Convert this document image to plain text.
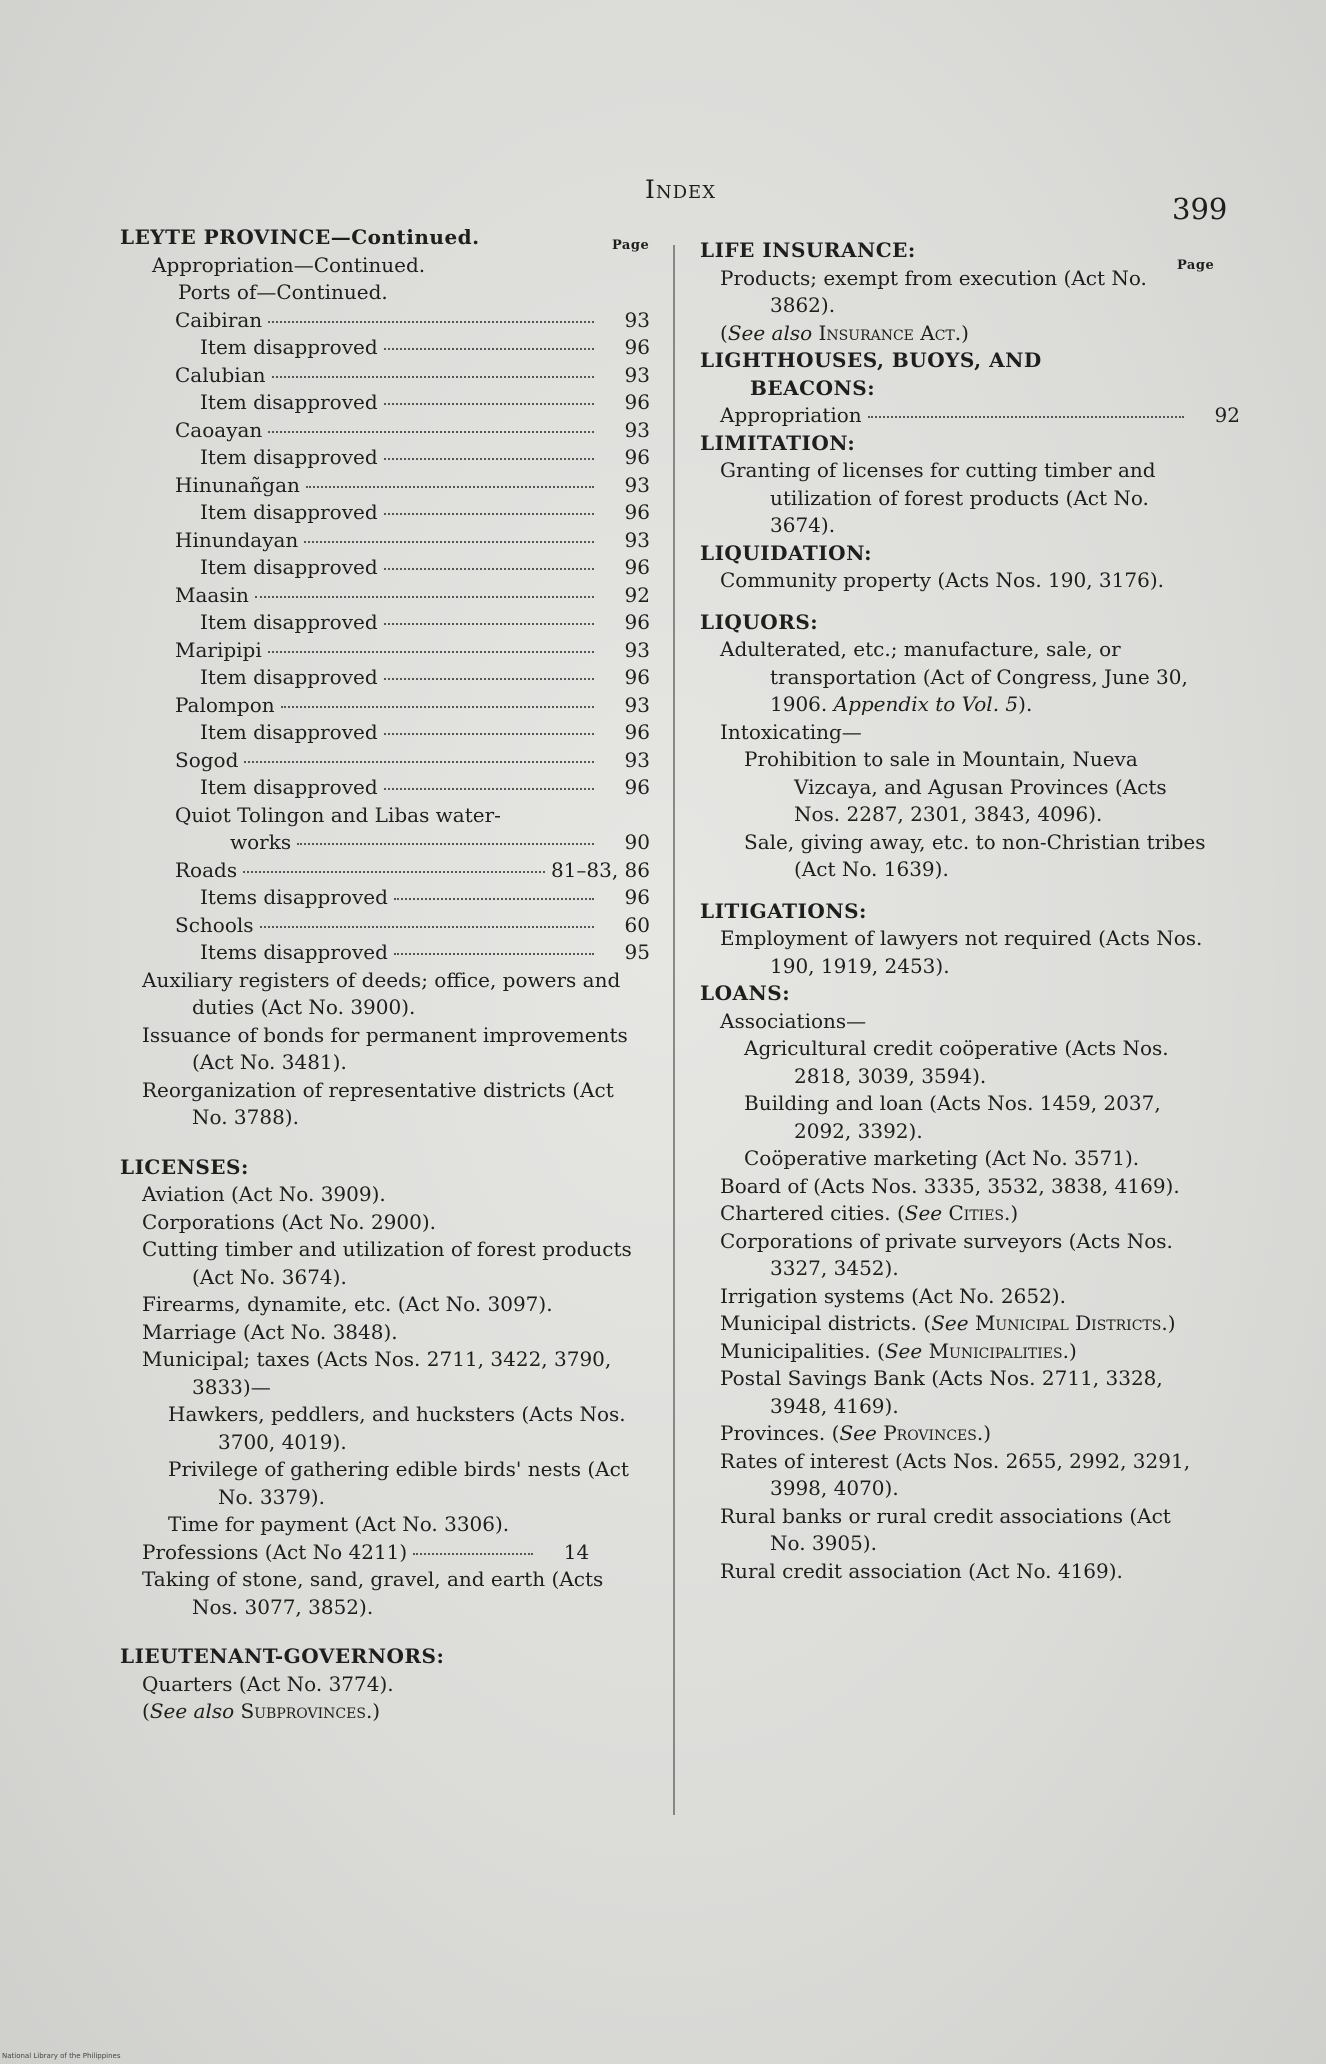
Index
399
Page
Page
LEYTE PROVINCE—Continued.
Appropriation—Continued.
Ports of—Continued.
Caibiran	93
Item disapproved	96
Calubian	93
Item disapproved	96
Caoayan	93
Item disapproved	96
Hinunañgan	93
Item disapproved	96
Hinundayan	93
Item disapproved	96
Maasin	92
Item disapproved	96
Maripipi	93
Item disapproved	96
Palompon	93
Item disapproved	96
Sogod	93
Item disapproved	96
Quiot Tolingon and Libas water-
works	90
Roads	81–83, 86
Items disapproved	96
Schools	60
Items disapproved	95
Auxiliary registers of deeds; office, powers and duties (Act No. 3900).
Issuance of bonds for permanent improvements (Act No. 3481).
Reorganization of representative districts (Act No. 3788).
LICENSES:
Aviation (Act No. 3909).
Corporations (Act No. 2900).
Cutting timber and utilization of forest products (Act No. 3674).
Firearms, dynamite, etc. (Act No. 3097).
Marriage (Act No. 3848).
Municipal; taxes (Acts Nos. 2711, 3422, 3790, 3833)—
Hawkers, peddlers, and hucksters (Acts Nos. 3700, 4019).
Privilege of gathering edible birds' nests (Act No. 3379).
Time for payment (Act No. 3306).
Professions (Act No 4211)	14
Taking of stone, sand, gravel, and earth (Acts Nos. 3077, 3852).
LIEUTENANT-GOVERNORS:
Quarters (Act No. 3774).
(See also Subprovinces.)
LIFE INSURANCE:
Products; exempt from execution (Act No. 3862).
(See also Insurance Act.)
LIGHTHOUSES, BUOYS, AND BEACONS:
Appropriation	92
LIMITATION:
Granting of licenses for cutting timber and utilization of forest products (Act No. 3674).
LIQUIDATION:
Community property (Acts Nos. 190, 3176).
LIQUORS:
Adulterated, etc.; manufacture, sale, or transportation (Act of Congress, June 30, 1906. Appendix to Vol. 5).
Intoxicating—
Prohibition to sale in Mountain, Nueva Vizcaya, and Agusan Provinces (Acts Nos. 2287, 2301, 3843, 4096).
Sale, giving away, etc. to non-Christian tribes (Act No. 1639).
LITIGATIONS:
Employment of lawyers not required (Acts Nos. 190, 1919, 2453).
LOANS:
Associations—
Agricultural credit coöperative (Acts Nos. 2818, 3039, 3594).
Building and loan (Acts Nos. 1459, 2037, 2092, 3392).
Coöperative marketing (Act No. 3571).
Board of (Acts Nos. 3335, 3532, 3838, 4169).
Chartered cities. (See Cities.)
Corporations of private surveyors (Acts Nos. 3327, 3452).
Irrigation systems (Act No. 2652).
Municipal districts. (See Municipal Districts.)
Municipalities. (See Municipalities.)
Postal Savings Bank (Acts Nos. 2711, 3328, 3948, 4169).
Provinces. (See Provinces.)
Rates of interest (Acts Nos. 2655, 2992, 3291, 3998, 4070).
Rural banks or rural credit associations (Act No. 3905).
Rural credit association (Act No. 4169).
National Library of the Philippines
